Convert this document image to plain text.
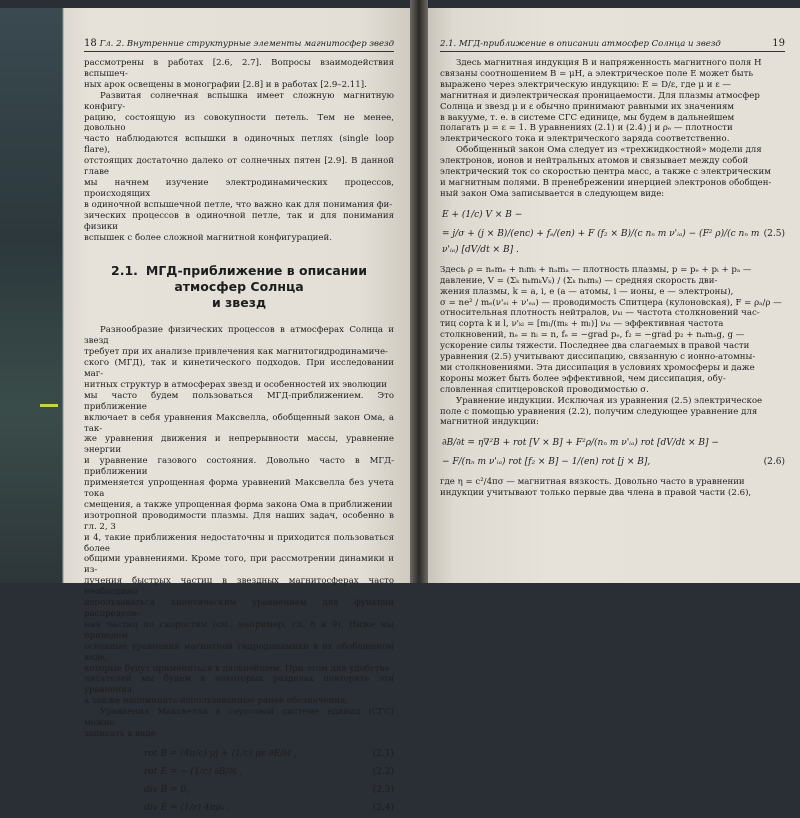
18 Гл. 2. Внутренние структурные элементы магнитосфер звезд

рассмотрены в работах [2.6, 2.7]. Вопросы взаимодействия вспышеч-

ных арок освещены в монографии [2.8] и в работах [2.9–2.11].

Развитая солнечная вспышка имеет сложную магнитную конфигу-

рацию, состоящую из совокупности петель. Тем не менее, довольно

часто наблюдаются вспышки в одиночных петлях (single loop flare),

отстоящих достаточно далеко от солнечных пятен [2.9]. В данной главе

мы начнем изучение электродинамических процессов, происходящих

в одиночной вспышечной петле, что важно как для понимания фи-

зических процессов в одиночной петле, так и для понимания физики

вспышек с более сложной магнитной конфигурацией.

2.1. МГД-приближение в описании атмосфер Солнца
и звезд

Разнообразие физических процессов в атмосферах Солнца и звезд

требует при их анализе привлечения как магнитогидродинамиче-

ского (МГД), так и кинетического подходов. При исследовании маг-

нитных структур в атмосферах звезд и особенностей их эволюции

мы часто будем пользоваться МГД-приближением. Это приближение

включает в себя уравнения Максвелла, обобщенный закон Ома, а так-

же уравнения движения и непрерывности массы, уравнение энергии

и уравнение газового состояния. Довольно часто в МГД-приближении

применяется упрощенная форма уравнений Максвелла без учета тока

смещения, а также упрощенная форма закона Ома в приближении

изотропной проводимости плазмы. Для наших задач, особенно в гл. 2, 3

и 4, такие приближения недостаточны и приходится пользоваться более

общими уравнениями. Кроме того, при рассмотрении динамики и из-

лучения быстрых частиц в звездных магнитосферах часто необходимо

использоваться кинетическим уравнением для функции распределе-

ния частиц по скоростям (см., например, гл. 8 и 9). Ниже мы приведем

основные уравнения магнитной гидродинамики в их обобщенном виде,

которые будут применяться в дальнейшем. При этом для удобства

читателей мы будем в некоторых разделах повторять эти уравнения,

а также напоминать использованные ранее обозначения.

Уравнения Максвелла в гауссовой системе единиц (СГС) можно

записать в виде

rot B = (4π/c) μj + (1/c) με ∂E/∂t ,	(2.1)
rot E = − (1/c) ∂B/∂t ,	(2.2)
div B = 0,	(2.3)
div E = (1/ε) 4πρₑ .	(2.4)
2.1. МГД-приближение в описании атмосфер Солнца и звезд	19

Здесь магнитная индукция B и напряженность магнитного поля H

связаны соотношением B = μH, а электрическое поле E может быть

выражено через электрическую индукцию: E = D/ε, где μ и ε —

магнитная и диэлектрическая проницаемости. Для плазмы атмосфер

Солнца и звезд μ и ε обычно принимают равными их значениям

в вакууме, т. е. в системе СГС единице, мы будем в дальнейшем

полагать μ = ε = 1. В уравнениях (2.1) и (2.4) j и ρₑ — плотности

электрического тока и электрического заряда соответственно.

Обобщенный закон Ома следует из «трехжидкостной» модели для

электронов, ионов и нейтральных атомов и связывает между собой

электрический ток со скоростью центра масс, а также с электрическим

и магнитным полями. В пренебрежении инерцией электронов обобщен-

ный закон Ома записывается в следующем виде:

E + (1/c) V × B −
= j/σ + (j × B)/(enc) + fₑ/(en) + F (f₂ × B)/(c nₙ m ν'ᵢₐ) − (F² ρ)/(c nₙ m ν'ᵢₐ) [dV/dt × B] .
(2.5)

Здесь ρ = nₑmₑ + nᵢmᵢ + nₐmₐ — плотность плазмы, p = pₑ + pᵢ + pₐ —

давление, V = (Σₖ nₖmₖVₖ) / (Σₖ nₖmₖ) — средняя скорость дви-

жения плазмы, k = a, i, e (a — атомы, i — ионы, e — электроны),

σ = ne² / mₑ(ν'ₑᵢ + ν'ₑₐ) — проводимость Спитцера (кулоновская), F = ρₐ/ρ —

относительная плотность нейтралов, νₖₗ — частота столкновений час-

тиц сорта k и l, ν'ₖₗ = [mₗ/(mₖ + mₗ)] νₖₗ — эффективная частота

столкновений, nₑ = nᵢ = n, fₑ = −grad pₑ, f₂ = −grad p₂ + nₐmₐg, g —

ускорение силы тяжести. Последнее два слагаемых в правой части

уравнения (2.5) учитывают диссипацию, связанную с ионно-атомны-

ми столкновениями. Эта диссипация в условиях хромосферы и даже

короны может быть более эффективной, чем диссипация, обу-

словленная спитцеровской проводимостью σ.

Уравнение индукции. Исключая из уравнения (2.5) электрическое

поле с помощью уравнения (2.2), получим следующее уравнение для

магнитной индукции:

∂B/∂t = η∇²B + rot [V × B] + F²ρ/(nₙ m ν'ᵢₐ) rot [dV/dt × B] −
− F/(nₙ m ν'ᵢₐ) rot [f₂ × B] − 1/(en) rot [j × B],	(2.6)

где η = c²/4πσ — магнитная вязкость. Довольно часто в уравнении

индукции учитывают только первые два члена в правой части (2.6),
